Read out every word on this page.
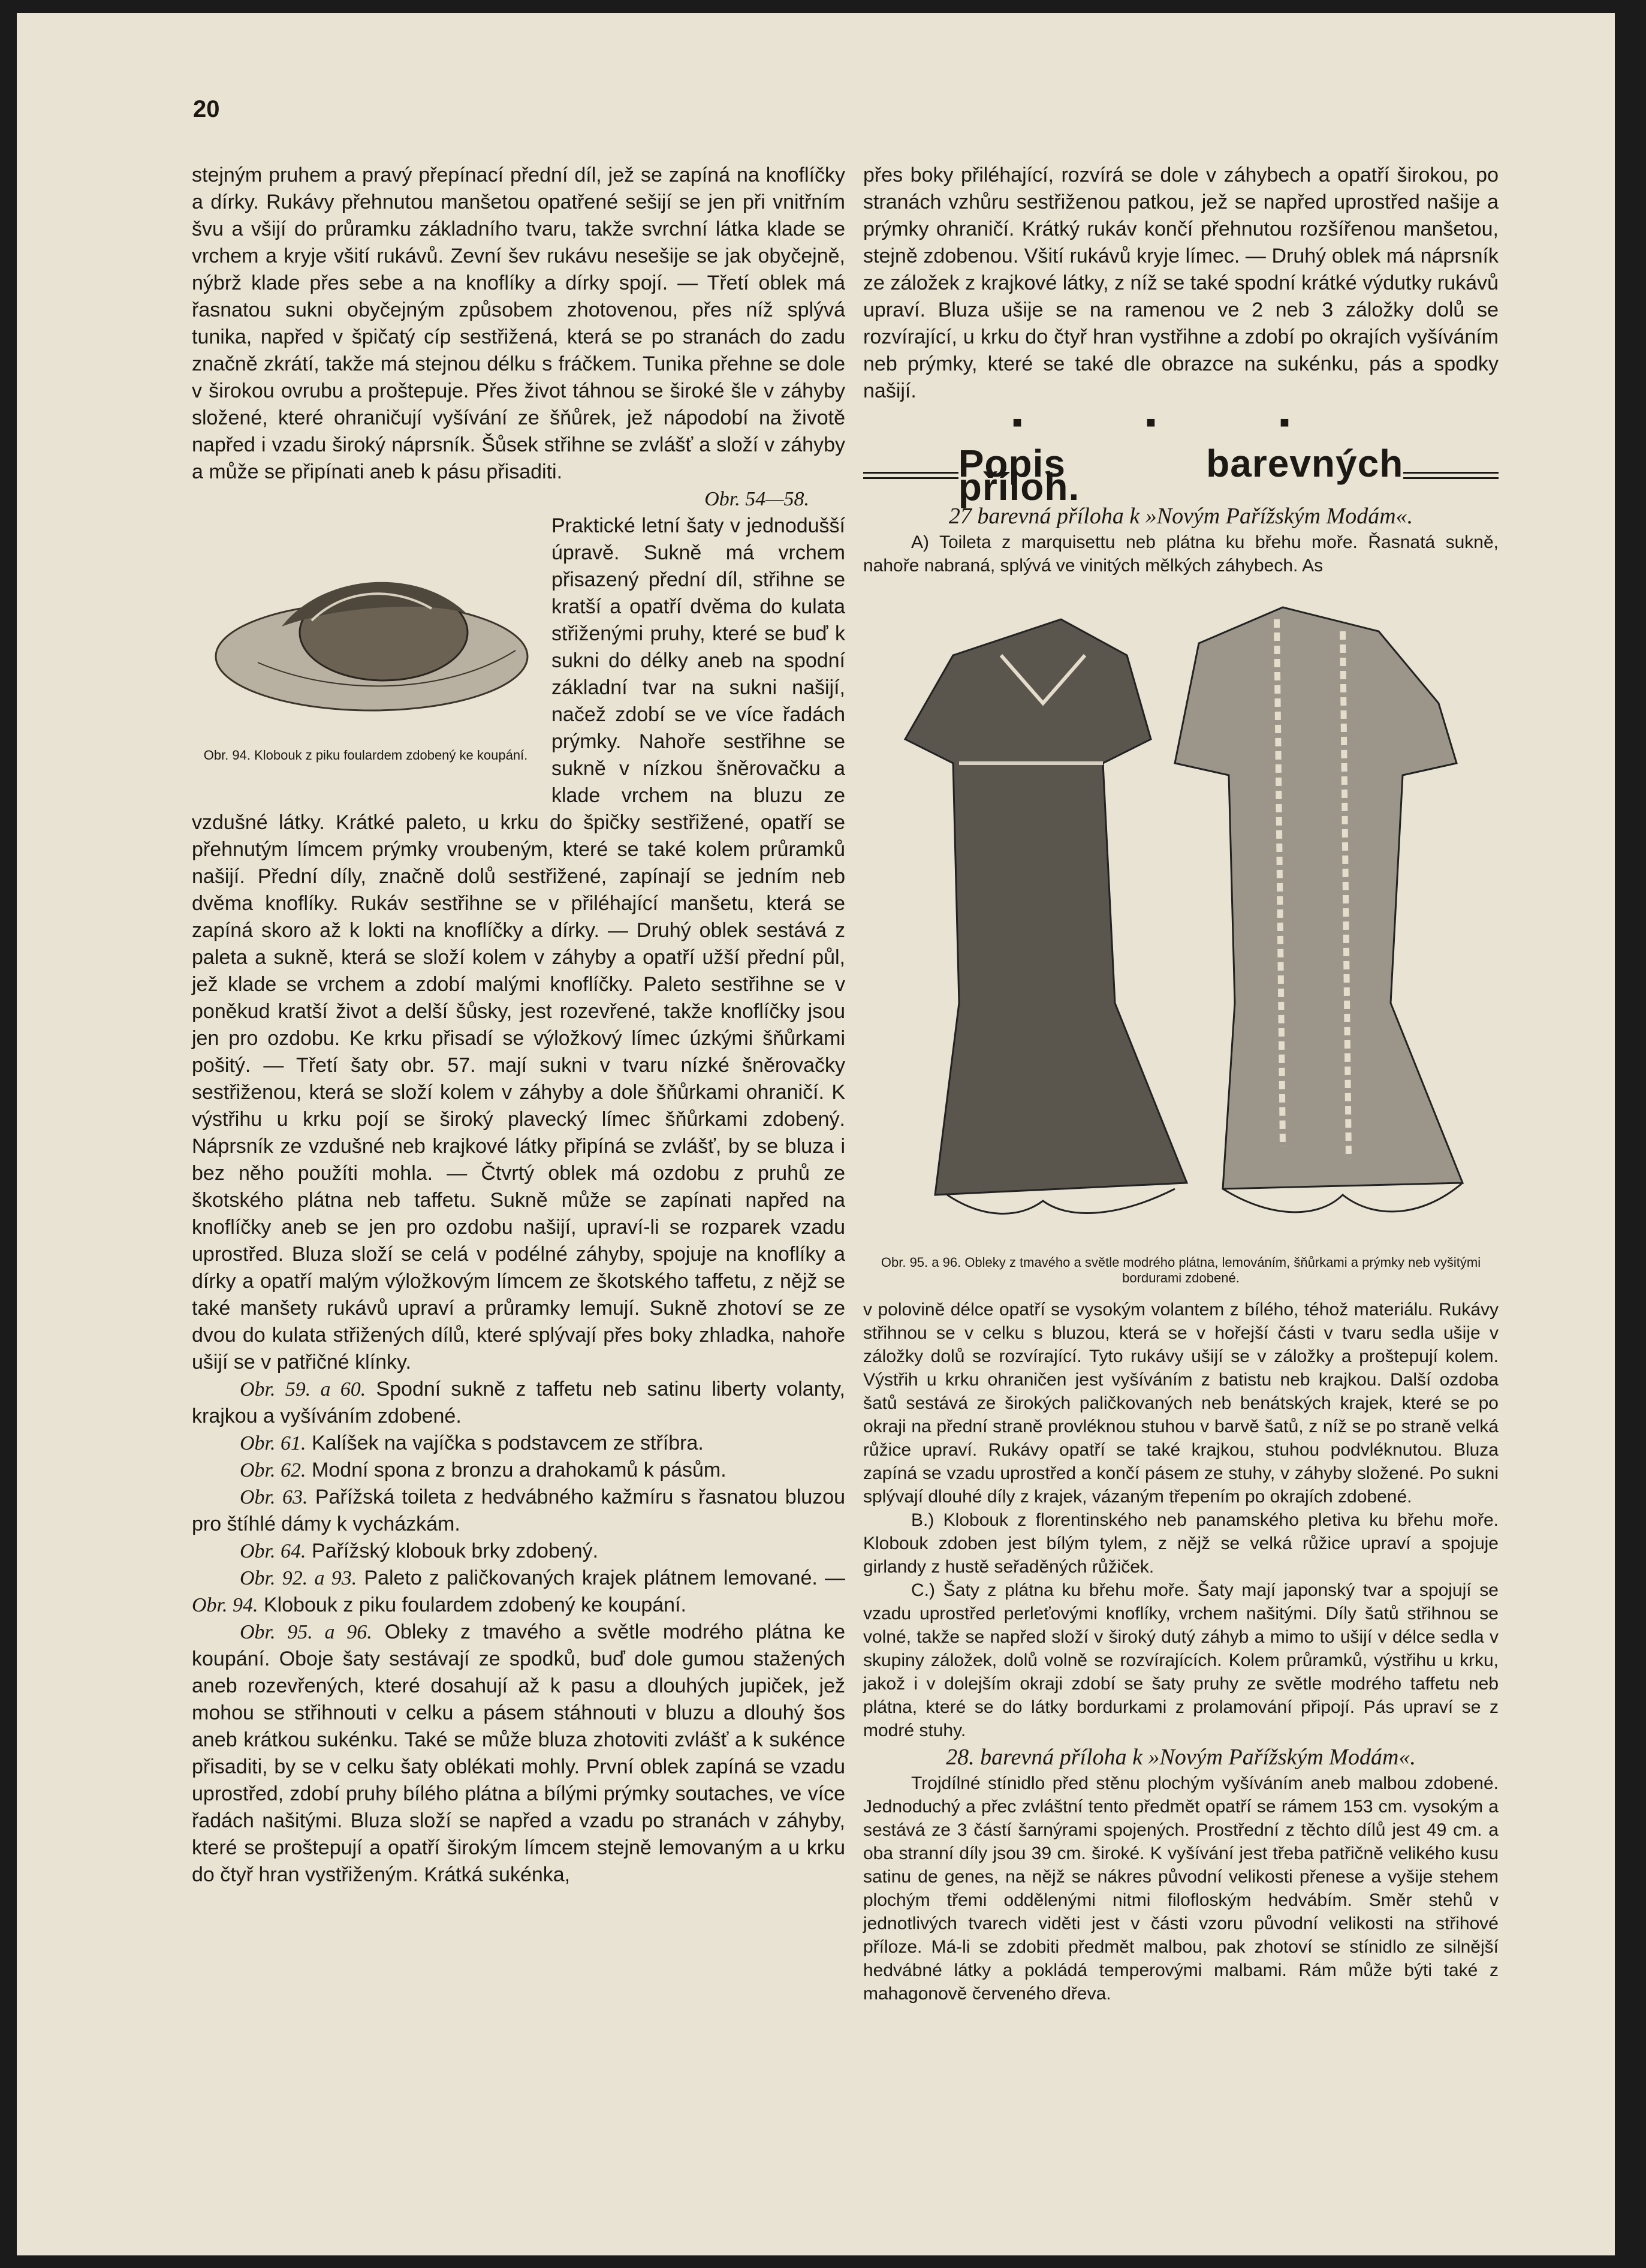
20

stejným pruhem a pravý přepínací přední díl, jež se zapíná na knoflíčky a dírky. Rukávy přehnutou manšetou opatřené sešijí se jen při vnitřním švu a všijí do průramku základního tvaru, takže svrchní látka klade se vrchem a kryje všití rukávů. Zevní šev rukávu nesešije se jak obyčejně, nýbrž klade přes sebe a na knoflíky a dírky spojí. — Třetí oblek má řasnatou sukni obyčejným způsobem zhotovenou, přes níž splývá tunika, napřed v špičatý cíp sestřižená, která se po stranách do zadu značně zkrátí, takže má stejnou délku s fráčkem. Tunika přehne se dole v širokou ovrubu a proštepuje. Přes život táhnou se široké šle v záhyby složené, které ohraničují vyšívání ze šňůrek, jež nápodobí na životě napřed i vzadu široký náprsník. Šůsek střihne se zvlášť a složí v záhyby a může se připínati aneb k pásu přisaditi.

Obr. 54—58.

Obr. 94. Klobouk z piku foulardem zdobený ke koupání.

Praktické letní šaty v jednodušší úpravě. Sukně má vrchem přisazený přední díl, střihne se kratší a opatří dvěma do kulata střiženými pruhy, které se buď k sukni do délky aneb na spodní základní tvar na sukni našijí, načež zdobí se ve více řadách prýmky. Nahoře sestřihne se sukně v nízkou šněrovačku a klade vrchem na bluzu ze vzdušné látky. Krátké paleto, u krku do špičky sestřižené, opatří se přehnutým límcem prýmky vroubeným, které se také kolem průramků našijí. Přední díly, značně dolů sestřižené, zapínají se jedním neb dvěma knoflíky. Rukáv sestřihne se v přiléhající manšetu, která se zapíná skoro až k lokti na knoflíčky a dírky. — Druhý oblek sestává z paleta a sukně, která se složí kolem v záhyby a opatří užší přední půl, jež klade se vrchem a zdobí malými knoflíčky. Paleto sestřihne se v poněkud kratší život a delší šůsky, jest rozevřené, takže knoflíčky jsou jen pro ozdobu. Ke krku přisadí se výložkový límec úzkými šňůrkami pošitý. — Třetí šaty obr. 57. mají sukni v tvaru nízké šněrovačky sestřiženou, která se složí kolem v záhyby a dole šňůrkami ohraničí. K výstřihu u krku pojí se široký plavecký límec šňůrkami zdobený. Náprsník ze vzdušné neb krajkové látky připíná se zvlášť, by se bluza i bez něho použíti mohla. — Čtvrtý oblek má ozdobu z pruhů ze škotského plátna neb taffetu. Sukně může se zapínati napřed na knoflíčky aneb se jen pro ozdobu našijí, upraví-li se rozparek vzadu uprostřed. Bluza složí se celá v podélné záhyby, spojuje na knoflíky a dírky a opatří malým výložkovým límcem ze škotského taffetu, z nějž se také manšety rukávů upraví a průramky lemují. Sukně zhotoví se ze dvou do kulata střižených dílů, které splývají přes boky zhladka, nahoře ušijí se v patřičné klínky.

Obr. 59. a 60. Spodní sukně z taffetu neb satinu liberty volanty, krajkou a vyšíváním zdobené.

Obr. 61. Kalíšek na vajíčka s podstavcem ze stříbra.

Obr. 62. Modní spona z bronzu a drahokamů k pásům.

Obr. 63. Pařížská toileta z hedvábného kažmíru s řasnatou bluzou pro štíhlé dámy k vycházkám.

Obr. 64. Pařížský klobouk brky zdobený.

Obr. 92. a 93. Paleto z paličkovaných krajek plátnem lemované. — Obr. 94. Klobouk z piku foulardem zdobený ke koupání.

Obr. 95. a 96. Obleky z tmavého a světle modrého plátna ke koupání. Oboje šaty sestávají ze spodků, buď dole gumou stažených aneb rozevřených, které dosahují až k pasu a dlouhých jupiček, jež mohou se střihnouti v celku a pásem stáhnouti v bluzu a dlouhý šos aneb krátkou sukénku. Také se může bluza zhotoviti zvlášť a k sukénce přisaditi, by se v celku šaty oblékati mohly. První oblek zapíná se vzadu uprostřed, zdobí pruhy bílého plátna a bílými prýmky soutaches, ve více řadách našitými. Bluza složí se napřed a vzadu po stranách v záhyby, které se proštepují a opatří širokým límcem stejně lemovaným a u krku do čtyř hran vystřiženým. Krátká sukénka,

přes boky přiléhající, rozvírá se dole v záhybech a opatří širokou, po stranách vzhůru sestřiženou patkou, jež se napřed uprostřed našije a prýmky ohraničí. Krátký rukáv končí přehnutou rozšířenou manšetou, stejně zdobenou. Všití rukávů kryje límec. — Druhý oblek má náprsník ze záložek z krajkové látky, z níž se také spodní krátké výdutky rukávů upraví. Bluza ušije se na ramenou ve 2 neb 3 záložky dolů se rozvírající, u krku do čtyř hran vystřihne a zdobí po okrajích vyšíváním neb prýmky, které se také dle obrazce na sukénku, pás a spodky našijí.

■ ■ ■
Popis barevných příloh.
27 barevná příloha k »Novým Pařížským Modám«.

A) Toileta z marquisettu neb plátna ku břehu moře. Řasnatá sukně, nahoře nabraná, splývá ve vinitých mělkých záhybech. As

Obr. 95. a 96. Obleky z tmavého a světle modrého plátna, lemováním, šňůrkami a prýmky neb vyšitými bordurami zdobené.

v polovině délce opatří se vysokým volantem z bílého, téhož materiálu. Rukávy střihnou se v celku s bluzou, která se v hořejší části v tvaru sedla ušije v záložky dolů se rozvírající. Tyto rukávy ušijí se v záložky a proštepují kolem. Výstřih u krku ohraničen jest vyšíváním z batistu neb krajkou. Další ozdoba šatů sestává ze širokých paličkovaných neb benátských krajek, které se po okraji na přední straně provléknou stuhou v barvě šatů, z níž se po straně velká růžice upraví. Rukávy opatří se také krajkou, stuhou podvléknutou. Bluza zapíná se vzadu uprostřed a končí pásem ze stuhy, v záhyby složené. Po sukni splývají dlouhé díly z krajek, vázaným třepením po okrajích zdobené.

B.) Klobouk z florentinského neb panamského pletiva ku břehu moře. Klobouk zdoben jest bílým tylem, z nějž se velká růžice upraví a spojuje girlandy z hustě seřaděných růžiček.

C.) Šaty z plátna ku břehu moře. Šaty mají japonský tvar a spojují se vzadu uprostřed perleťovými knoflíky, vrchem našitými. Díly šatů střihnou se volné, takže se napřed složí v široký dutý záhyb a mimo to ušijí v délce sedla v skupiny záložek, dolů volně se rozvírajících. Kolem průramků, výstřihu u krku, jakož i v dolejším okraji zdobí se šaty pruhy ze světle modrého taffetu neb plátna, které se do látky bordurkami z prolamování připojí. Pás upraví se z modré stuhy.

28. barevná příloha k »Novým Pařížským Modám«.

Trojdílné stínidlo před stěnu plochým vyšíváním aneb malbou zdobené. Jednoduchý a přec zvláštní tento předmět opatří se rámem 153 cm. vysokým a sestává ze 3 částí šarnýrami spojených. Prostřední z těchto dílů jest 49 cm. a oba stranní díly jsou 39 cm. široké. K vyšívání jest třeba patřičně velikého kusu satinu de genes, na nějž se nákres původní velikosti přenese a vyšije stehem plochým třemi oddělenými nitmi filofloským hedvábím. Směr stehů v jednotlivých tvarech viděti jest v části vzoru původní velikosti na střihové příloze. Má-li se zdobiti předmět malbou, pak zhotoví se stínidlo ze silnější hedvábné látky a pokládá temperovými malbami. Rám může býti také z mahagonově červeného dřeva.
